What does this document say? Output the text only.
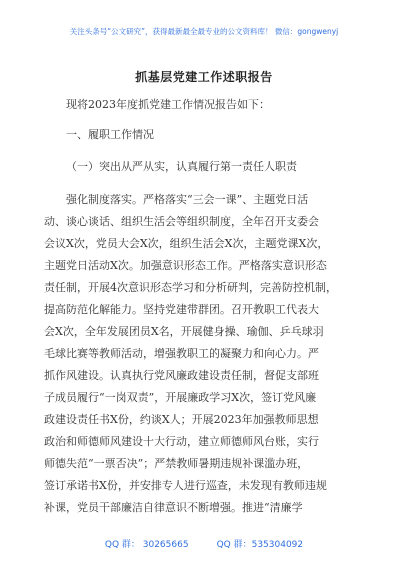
关注头条号“公文研究”，获得最新最全最专业的公文资料库！ 微信：gongwenyj
抓基层党建工作述职报告
现将2023年度抓党建工作情况报告如下：
一、履职工作情况
（一）突出从严从实，认真履行第一责任人职责
强化制度落实。严格落实“三会一课”、主题党日活
动、谈心谈话、组织生活会等组织制度，全年召开支委会
会议X次，党员大会X次，组织生活会X次，主题党课X次，
主题党日活动X次。加强意识形态工作。严格落实意识形态
责任制，开展4次意识形态学习和分析研判，完善防控机制，
提高防范化解能力。坚持党建带群团。召开教职工代表大
会X次，全年发展团员X名，开展健身操、瑜伽、乒乓球羽
毛球比赛等教师活动，增强教职工的凝聚力和向心力。严
抓作风建设。认真执行党风廉政建设责任制，督促支部班
子成员履行“一岗双责”，开展廉政学习X次，签订党风廉
政建设责任书X份，约谈X人；开展2023年加强教师思想
政治和师德师风建设十大行动，建立师德师风台账，实行
师德失范“一票否决”；严禁教师暑期违规补课滥办班，
签订承诺书X份，并安排专人进行巡查，未发现有教师违规
补课，党员干部廉洁自律意识不断增强。推进“清廉学
QQ 群： 30265665	QQ 群：535304092
